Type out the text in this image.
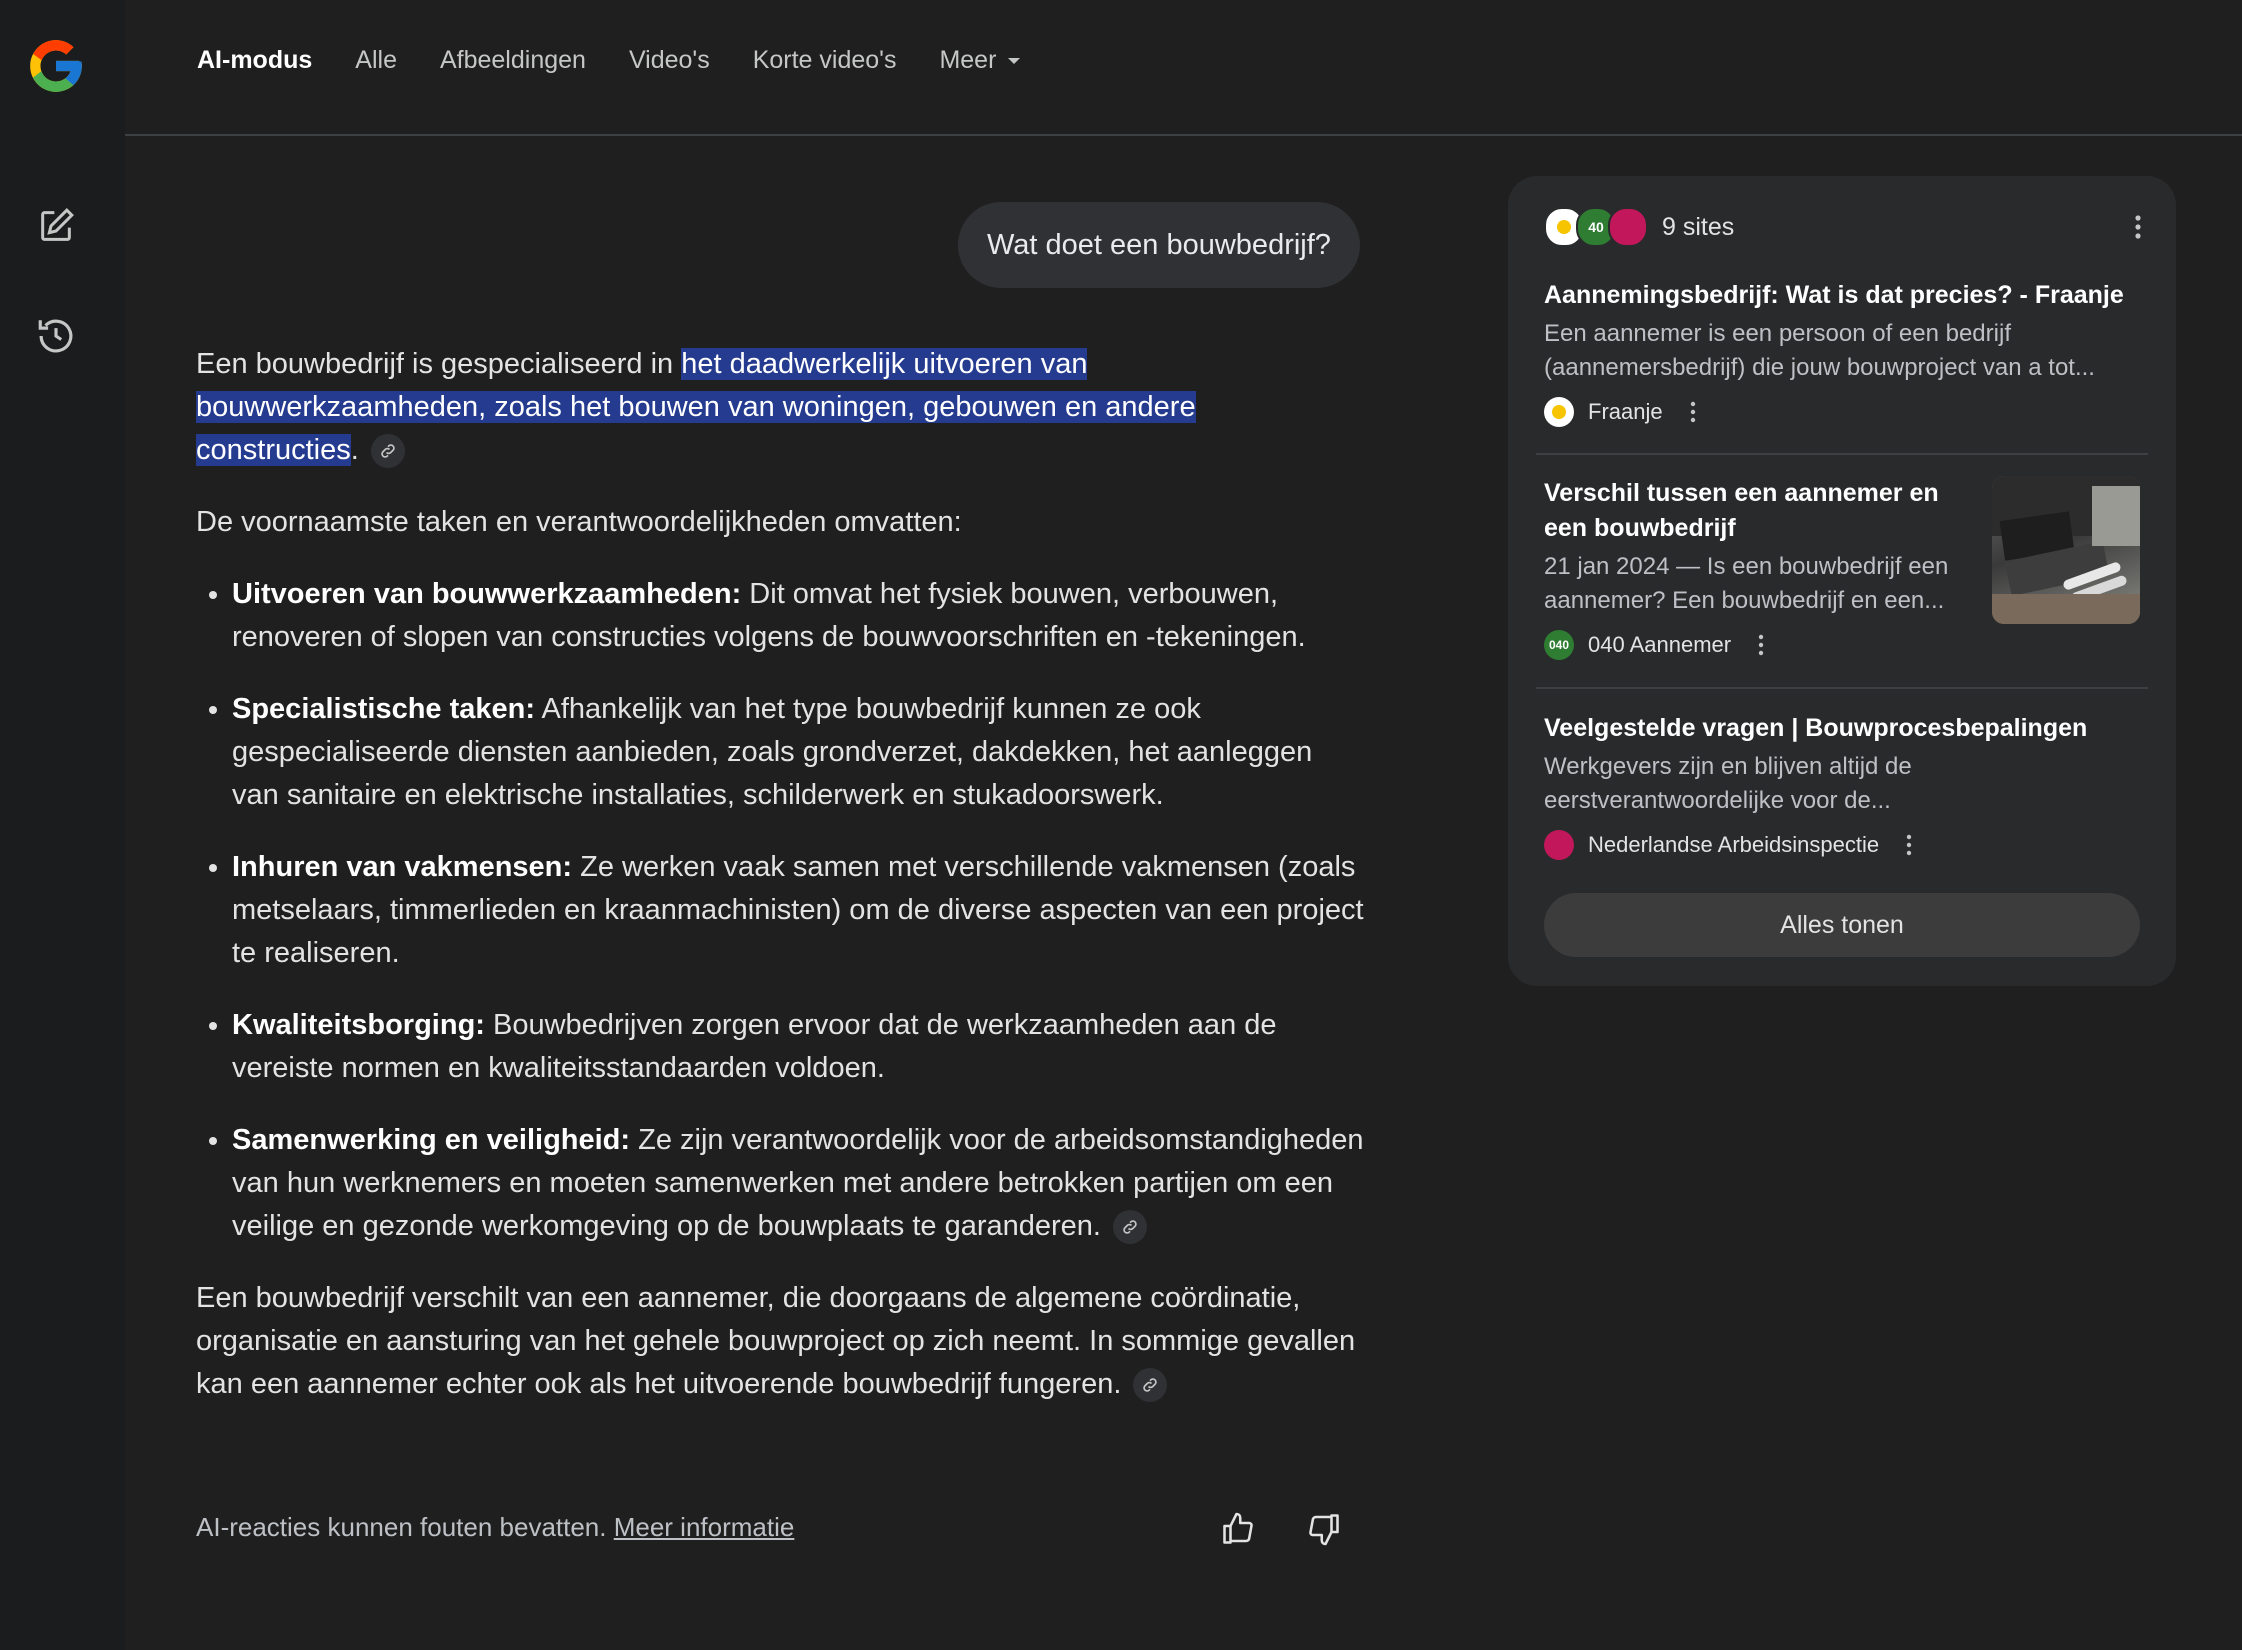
AI-modus Alle Afbeeldingen Video's Korte video's Meer
Wat doet een bouwbedrijf?

Een bouwbedrijf is gespecialiseerd in het daadwerkelijk uitvoeren van
bouwwerkzaamheden, zoals het bouwen van woningen, gebouwen en andere
constructies.

De voornaamste taken en verantwoordelijkheden omvatten:

• Uitvoeren van bouwwerkzaamheden: Dit omvat het fysiek bouwen, verbouwen, renoveren of slopen van constructies volgens de bouwvoorschriften en -tekeningen.
• Specialistische taken: Afhankelijk van het type bouwbedrijf kunnen ze ook gespecialiseerde diensten aanbieden, zoals grondverzet, dakdekken, het aanleggen van sanitaire en elektrische installaties, schilderwerk en stukadoorswerk.
• Inhuren van vakmensen: Ze werken vaak samen met verschillende vakmensen (zoals metselaars, timmerlieden en kraanmachinisten) om de diverse aspecten van een project te realiseren.
• Kwaliteitsborging: Bouwbedrijven zorgen ervoor dat de werkzaamheden aan de vereiste normen en kwaliteitsstandaarden voldoen.
• Samenwerking en veiligheid: Ze zijn verantwoordelijk voor de arbeidsomstandigheden van hun werknemers en moeten samenwerken met andere betrokken partijen om een veilige en gezonde werkomgeving op de bouwplaats te garanderen.

Een bouwbedrijf verschilt van een aannemer, die doorgaans de algemene coördinatie, organisatie en aansturing van het gehele bouwproject op zich neemt. In sommige gevallen kan een aannemer echter ook als het uitvoerende bouwbedrijf fungeren.

AI-reacties kunnen fouten bevatten. Meer informatie
40 9 sites
Aannemingsbedrijf: Wat is dat precies? - Fraanje
Een aannemer is een persoon of een bedrijf (aannemersbedrijf) die jouw bouwproject van a tot...
Fraanje
Verschil tussen een aannemer en een bouwbedrijf
21 jan 2024 — Is een bouwbedrijf een aannemer? Een bouwbedrijf en een...
040 040 Aannemer
Veelgestelde vragen | Bouwprocesbepalingen
Werkgevers zijn en blijven altijd de eerstverantwoordelijke voor de...
Nederlandse Arbeidsinspectie
Alles tonen
